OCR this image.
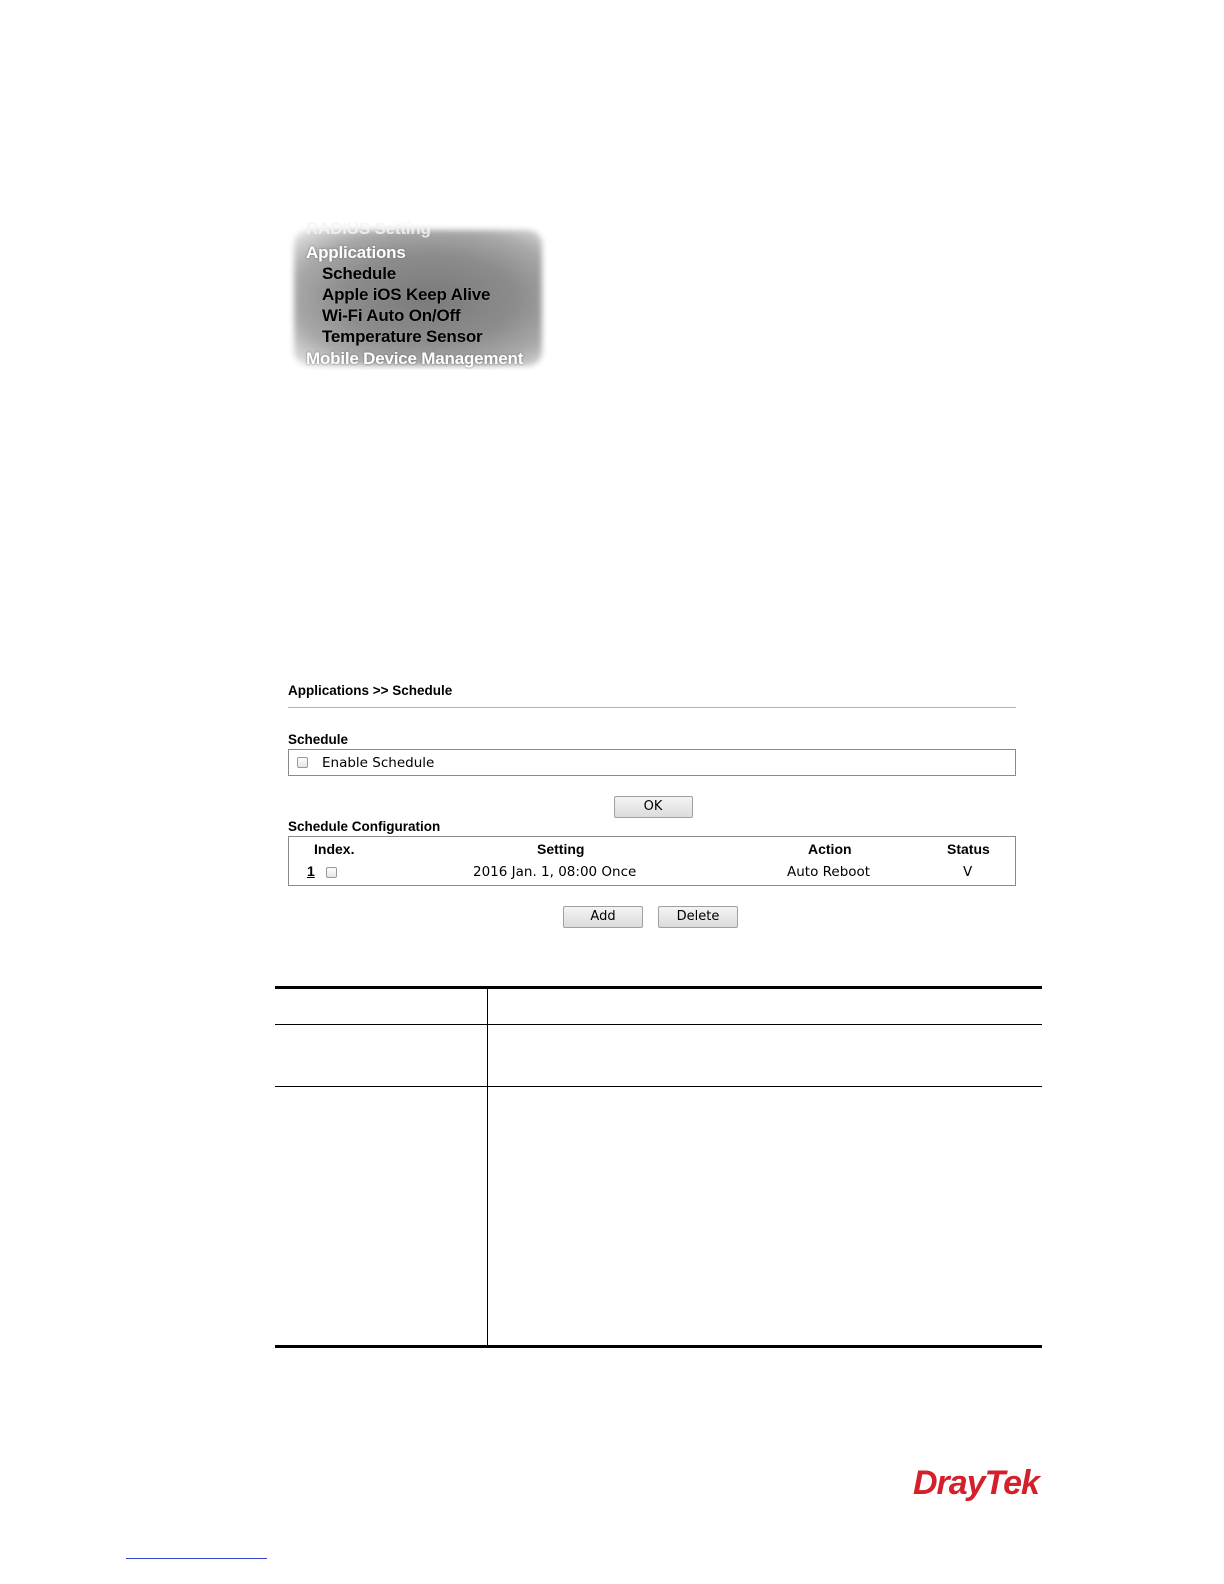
RADIUS Setting
Applications
Schedule
Apple iOS Keep Alive
Wi-Fi Auto On/Off
Temperature Sensor
Mobile Device Management
Applications >> Schedule
Schedule
Enable Schedule
OK
Schedule Configuration
Index.	Setting	Action	Status
1	2016 Jan. 1, 08:00 Once	Auto Reboot	V
Add	Delete
DrayTek
